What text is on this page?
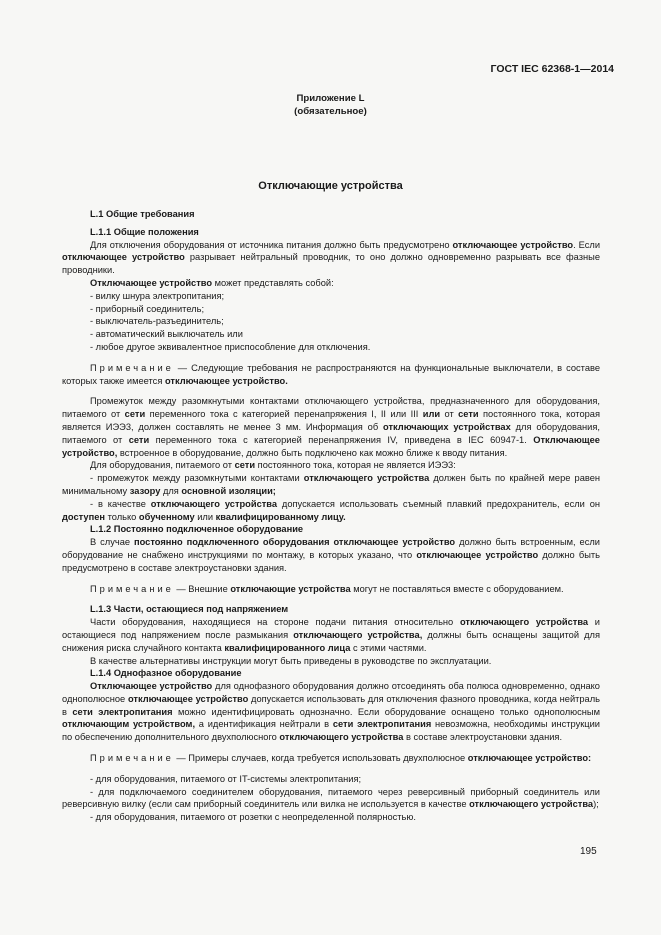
ГОСТ IEC 62368-1—2014
Приложение L
(обязательное)
Отключающие устройства

L.1 Общие требования

L.1.1 Общие положения

Для отключения оборудования от источника питания должно быть предусмотрено отключающее устройство. Если отключающее устройство разрывает нейтральный проводник, то оно должно одновременно разрывать все фазные проводники.

Отключающее устройство может представлять собой:

- вилку шнура электропитания;

- приборный соединитель;

- выключатель-разъединитель;

- автоматический выключатель или

- любое другое эквивалентное приспособление для отключения.

Примечание — Следующие требования не распространяются на функциональные выключатели, в составе которых также имеется отключающее устройство.

Промежуток между разомкнутыми контактами отключающего устройства, предназначенного для оборудования, питаемого от сети переменного тока с категорией перенапряжения I, II или III или от сети постоянного тока, которая является ИЭЭ3, должен составлять не менее 3 мм. Информация об отключающих устройствах для оборудования, питаемого от сети переменного тока с категорией перенапряжения IV, приведена в IEC 60947-1. Отключающее устройство, встроенное в оборудование, должно быть подключено как можно ближе к вводу питания.

Для оборудования, питаемого от сети постоянного тока, которая не является ИЭЭ3:

- промежуток между разомкнутыми контактами отключающего устройства должен быть по крайней мере равен минимальному зазору для основной изоляции;

- в качестве отключающего устройства допускается использовать съемный плавкий предохранитель, если он доступен только обученному или квалифицированному лицу.

L.1.2 Постоянно подключенное оборудование

В случае постоянно подключенного оборудования отключающее устройство должно быть встроенным, если оборудование не снабжено инструкциями по монтажу, в которых указано, что отключающее устройство должно быть предусмотрено в составе электроустановки здания.

Примечание — Внешние отключающие устройства могут не поставляться вместе с оборудованием.

L.1.3 Части, остающиеся под напряжением

Части оборудования, находящиеся на стороне подачи питания относительно отключающего устройства и остающиеся под напряжением после размыкания отключающего устройства, должны быть оснащены защитой для снижения риска случайного контакта квалифицированного лица с этими частями.

В качестве альтернативы инструкции могут быть приведены в руководстве по эксплуатации.

L.1.4 Однофазное оборудование

Отключающее устройство для однофазного оборудования должно отсоединять оба полюса одновременно, однако однополюсное отключающее устройство допускается использовать для отключения фазного проводника, когда нейтраль в сети электропитания можно идентифицировать однозначно. Если оборудование оснащено только однополюсным отключающим устройством, а идентификация нейтрали в сети электропитания невозможна, необходимы инструкции по обеспечению дополнительного двухполюсного отключающего устройства в составе электроустановки здания.

Примечание — Примеры случаев, когда требуется использовать двухполюсное отключающее устройство:

- для оборудования, питаемого от IT-системы электропитания;

- для подключаемого соединителем оборудования, питаемого через реверсивный приборный соединитель или реверсивную вилку (если сам приборный соединитель или вилка не используется в качестве отключающего устройства);

- для оборудования, питаемого от розетки с неопределенной полярностью.

195
